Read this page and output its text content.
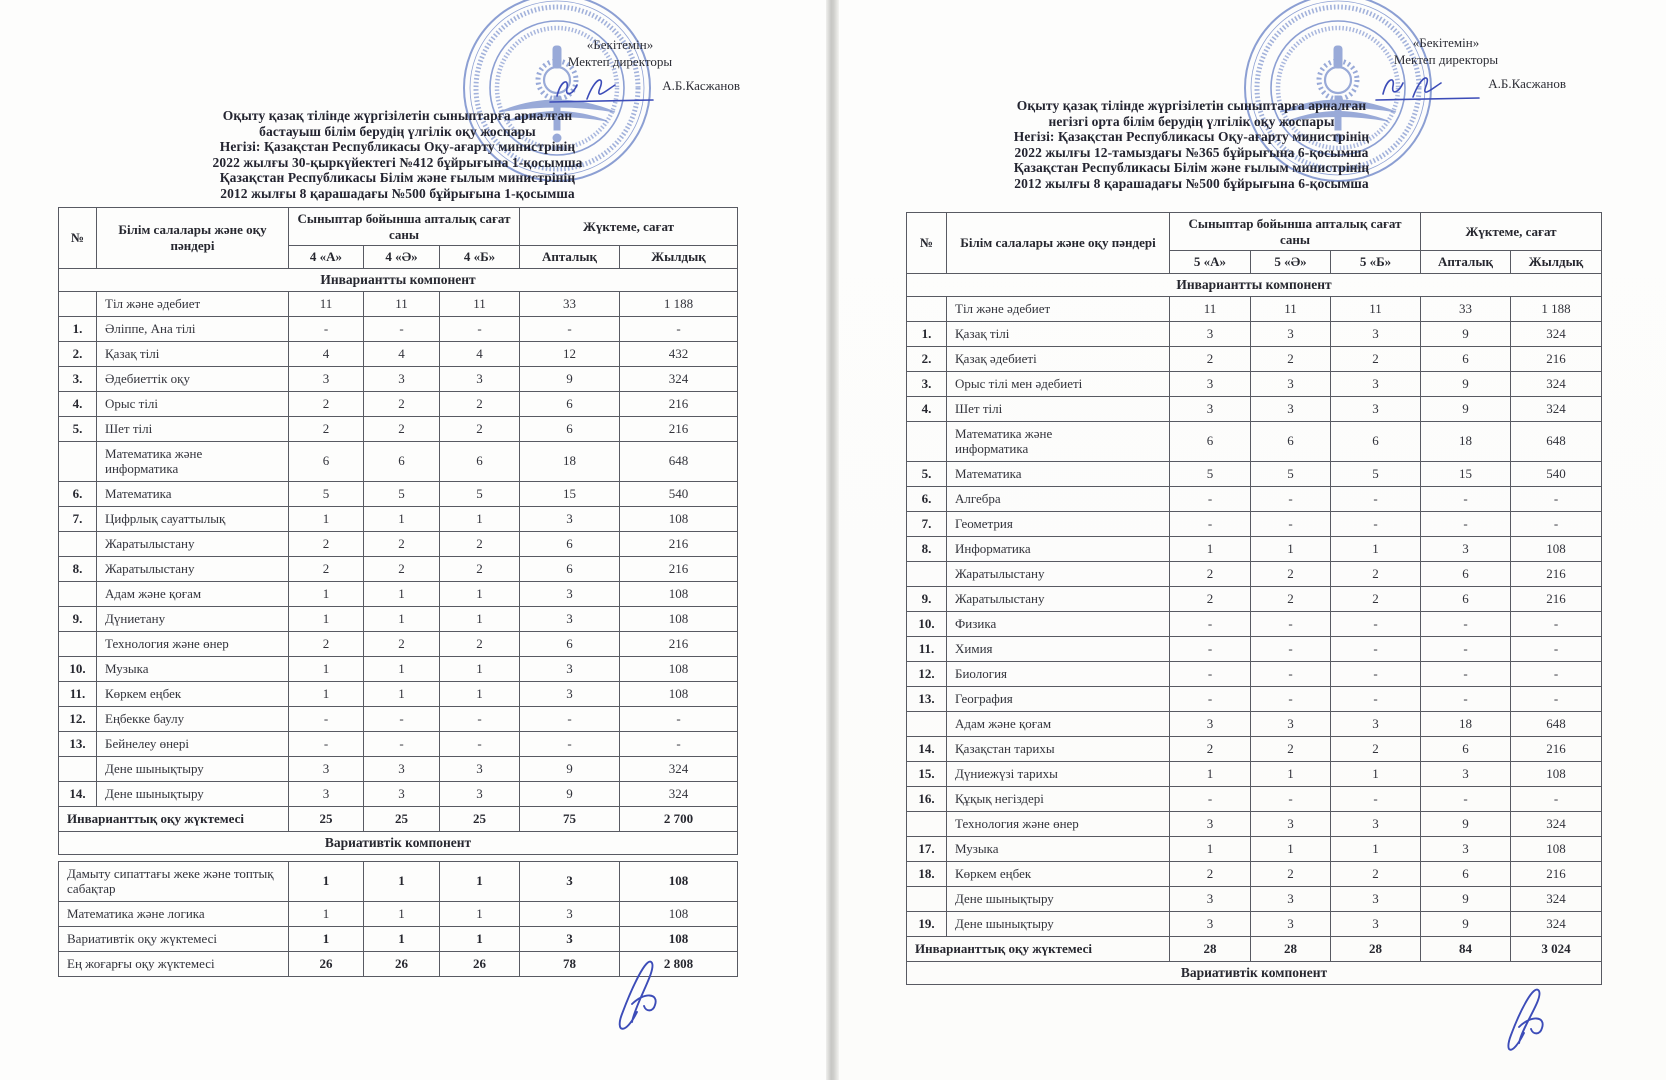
«Бекітемін»
Мектеп директоры
А.Б.Касжанов
Оқыту қазақ тілінде жүргізілетін сыныптарға арналған
бастауыш білім берудің үлгілік оқу жоспары
Негізі: Қазақстан Республикасы Оқу-ағарту министрінің
2022 жылғы 30-қыркүйектегі №412 бұйрығына 1-қосымша
Қазақстан Республикасы Білім және ғылым министрінің
2012 жылғы 8 қарашадағы №500 бұйрығына 1-қосымша
№	Білім салалары және оқу пәндері	Сыныптар бойынша апталық сағат саны			Жүктеме, сағат	
		4 «А»	4 «Ә»	4 «Б»	Апталық	Жылдық
Инвариантты компонент						
	Тіл және әдебиет	11	11	11	33	1 188
1.	Әліппе, Ана тілі	-	-	-	-	-
2.	Қазақ тілі	4	4	4	12	432
3.	Әдебиеттік оқу	3	3	3	9	324
4.	Орыс тілі	2	2	2	6	216
5.	Шет тілі	2	2	2	6	216
	Математика және информатика	6	6	6	18	648
6.	Математика	5	5	5	15	540
7.	Цифрлық сауаттылық	1	1	1	3	108
	Жаратылыстану	2	2	2	6	216
8.	Жаратылыстану	2	2	2	6	216
	Адам және қоғам	1	1	1	3	108
9.	Дүниетану	1	1	1	3	108
	Технология және өнер	2	2	2	6	216
10.	Музыка	1	1	1	3	108
11.	Көркем еңбек	1	1	1	3	108
12.	Еңбекке баулу	-	-	-	-	-
13.	Бейнелеу өнері	-	-	-	-	-
	Дене шынықтыру	3	3	3	9	324
14.	Дене шынықтыру	3	3	3	9	324
Инварианттық оқу жүктемесі		25	25	25	75	2 700
Вариативтік компонент						
Дамыту сипаттағы жеке және топтық сабақтар	1	1	1	3	108
Математика және логика	1	1	1	3	108
Вариативтік оқу жүктемесі	1	1	1	3	108
Ең жоғарғы оқу жүктемесі	26	26	26	78	2 808
«Бекітемін»
Мектеп директоры
А.Б.Касжанов
Оқыту қазақ тілінде жүргізілетін сыныптарға арналған
негізгі орта білім берудің үлгілік оқу жоспары
Негізі: Қазақстан Республикасы Оқу-ағарту министрінің
2022 жылғы 12-тамыздағы №365 бұйрығына 6-қосымша
Қазақстан Республикасы Білім және ғылым министрінің
2012 жылғы 8 қарашадағы №500 бұйрығына 6-қосымша
№	Білім салалары және оқу пәндері	Сыныптар бойынша апталық сағат саны			Жүктеме, сағат	
		5 «А»	5 «Ә»	5 «Б»	Апталық	Жылдық
Инвариантты компонент						
	Тіл және әдебиет	11	11	11	33	1 188
1.	Қазақ тілі	3	3	3	9	324
2.	Қазақ әдебиеті	2	2	2	6	216
3.	Орыс тілі мен әдебиеті	3	3	3	9	324
4.	Шет тілі	3	3	3	9	324
	Математика және информатика	6	6	6	18	648
5.	Математика	5	5	5	15	540
6.	Алгебра	-	-	-	-	-
7.	Геометрия	-	-	-	-	-
8.	Информатика	1	1	1	3	108
	Жаратылыстану	2	2	2	6	216
9.	Жаратылыстану	2	2	2	6	216
10.	Физика	-	-	-	-	-
11.	Химия	-	-	-	-	-
12.	Биология	-	-	-	-	-
13.	География	-	-	-	-	-
	Адам және қоғам	3	3	3	18	648
14.	Қазақстан тарихы	2	2	2	6	216
15.	Дүниежүзі тарихы	1	1	1	3	108
16.	Құқық негіздері	-	-	-	-	-
	Технология және өнер	3	3	3	9	324
17.	Музыка	1	1	1	3	108
18.	Көркем еңбек	2	2	2	6	216
	Дене шынықтыру	3	3	3	9	324
19.	Дене шынықтыру	3	3	3	9	324
Инварианттық оқу жүктемесі		28	28	28	84	3 024
Вариативтік компонент						
